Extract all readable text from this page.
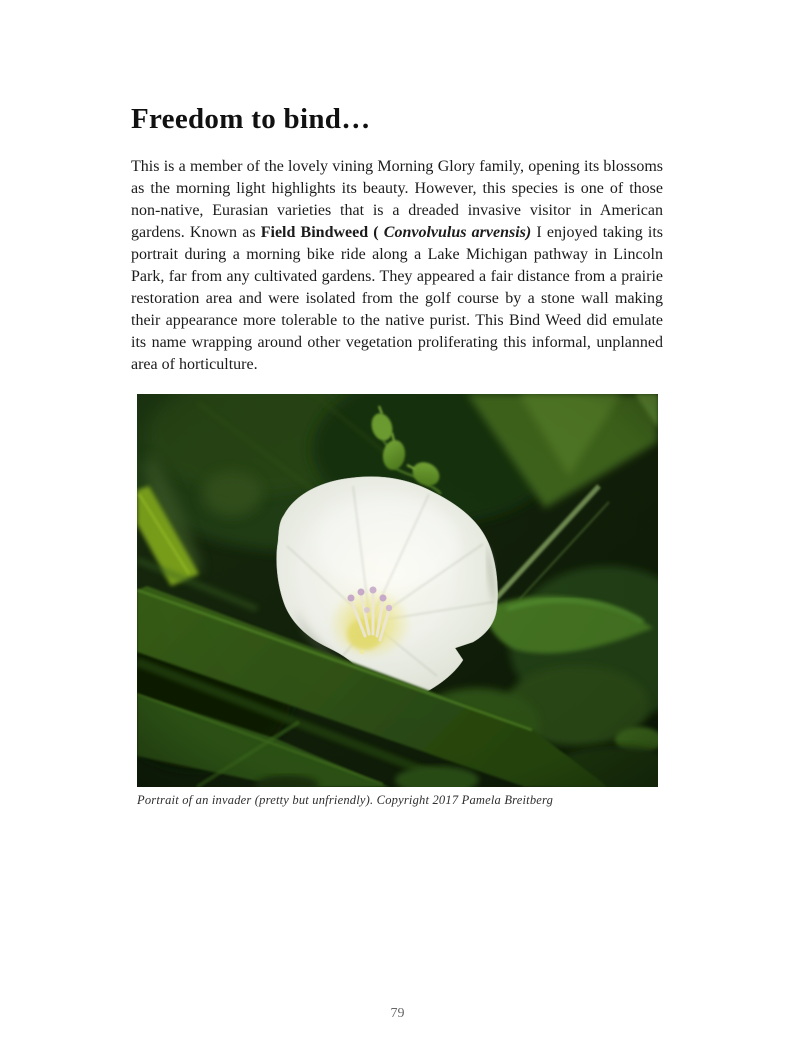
Freedom to bind…

This is a member of the lovely vining Morning Glory family, opening its blossoms as the morning light highlights its beauty. However, this species is one of those non-native, Eurasian varieties that is a dreaded invasive visitor in American gardens. Known as Field Bindweed ( Convolvulus arvensis) I enjoyed taking its portrait during a morning bike ride along a Lake Michigan pathway in Lincoln Park, far from any cultivated gardens. They appeared a fair distance from a prairie restoration area and were isolated from the golf course by a stone wall making their appearance more tolerable to the native purist. This Bind Weed did emulate its name wrapping around other vegetation proliferating this informal, unplanned area of horticulture.

Portrait of an invader (pretty but unfriendly). Copyright 2017 Pamela Breitberg
79
